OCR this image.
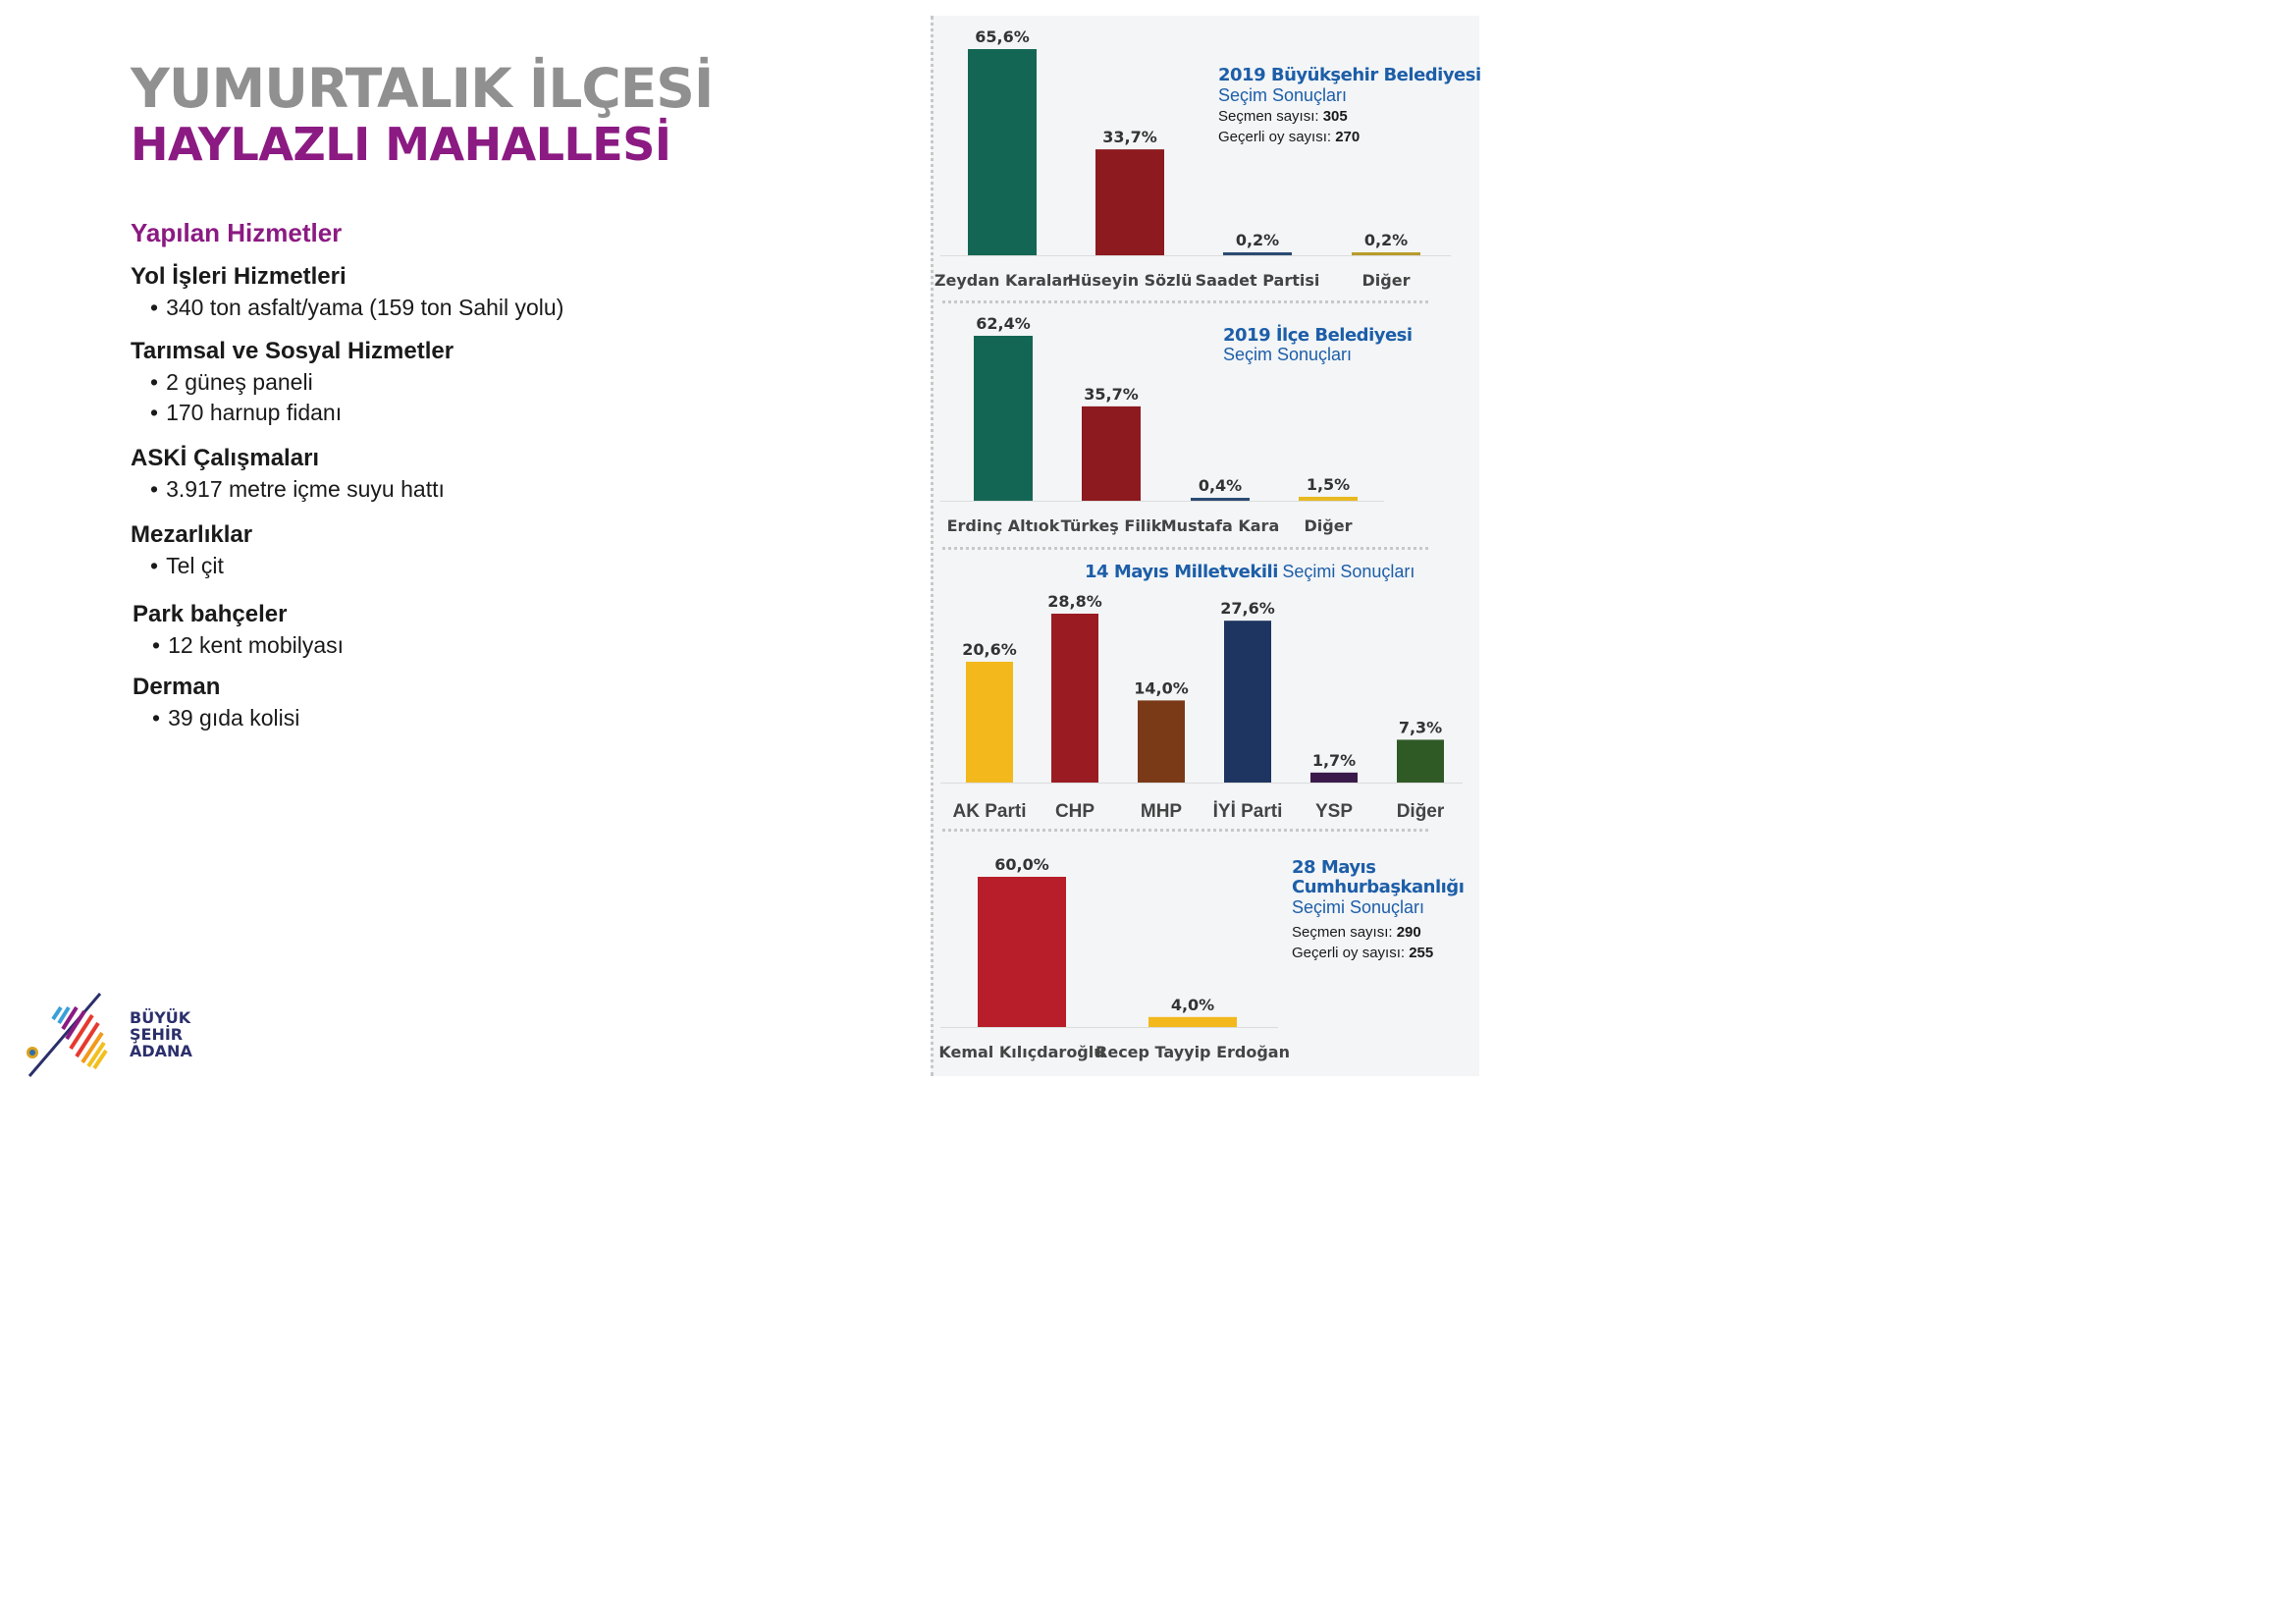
YUMURTALIK İLÇESİ
HAYLAZLI MAHALLESİ
Yapılan Hizmetler
Yol İşleri Hizmetleri
• 340 ton asfalt/yama (159 ton Sahil yolu)
Tarımsal ve Sosyal Hizmetler
• 2 güneş paneli
• 170 harnup fidanı
ASKİ Çalışmaları
• 3.917 metre içme suyu hattı
Mezarlıklar
• Tel çit
Park bahçeler
• 12 kent mobilyası
Derman
• 39 gıda kolisi
65,6%
Zeydan Karalar
33,7%
Hüseyin Sözlü
0,2%
Saadet Partisi
0,2%
Diğer
62,4%
Erdinç Altıok
35,7%
Türkeş Filik
0,4%
Mustafa Kara
1,5%
Diğer
20,6%
AK Parti
28,8%
CHP
14,0%
MHP
27,6%
İYİ Parti
1,7%
YSP
7,3%
Diğer
60,0%
Kemal Kılıçdaroğlu
4,0%
Recep Tayyip Erdoğan
2019 Büyükşehir Belediyesi
Seçim Sonuçları
Seçmen sayısı: 305
Geçerli oy sayısı: 270
2019 İlçe Belediyesi
Seçim Sonuçları
14 Mayıs Milletvekili Seçimi Sonuçları
28 Mayıs
Cumhurbaşkanlığı
Seçimi Sonuçları
Seçmen sayısı: 290
Geçerli oy sayısı: 255
BÜYÜK
ŞEHİR
ADANA
